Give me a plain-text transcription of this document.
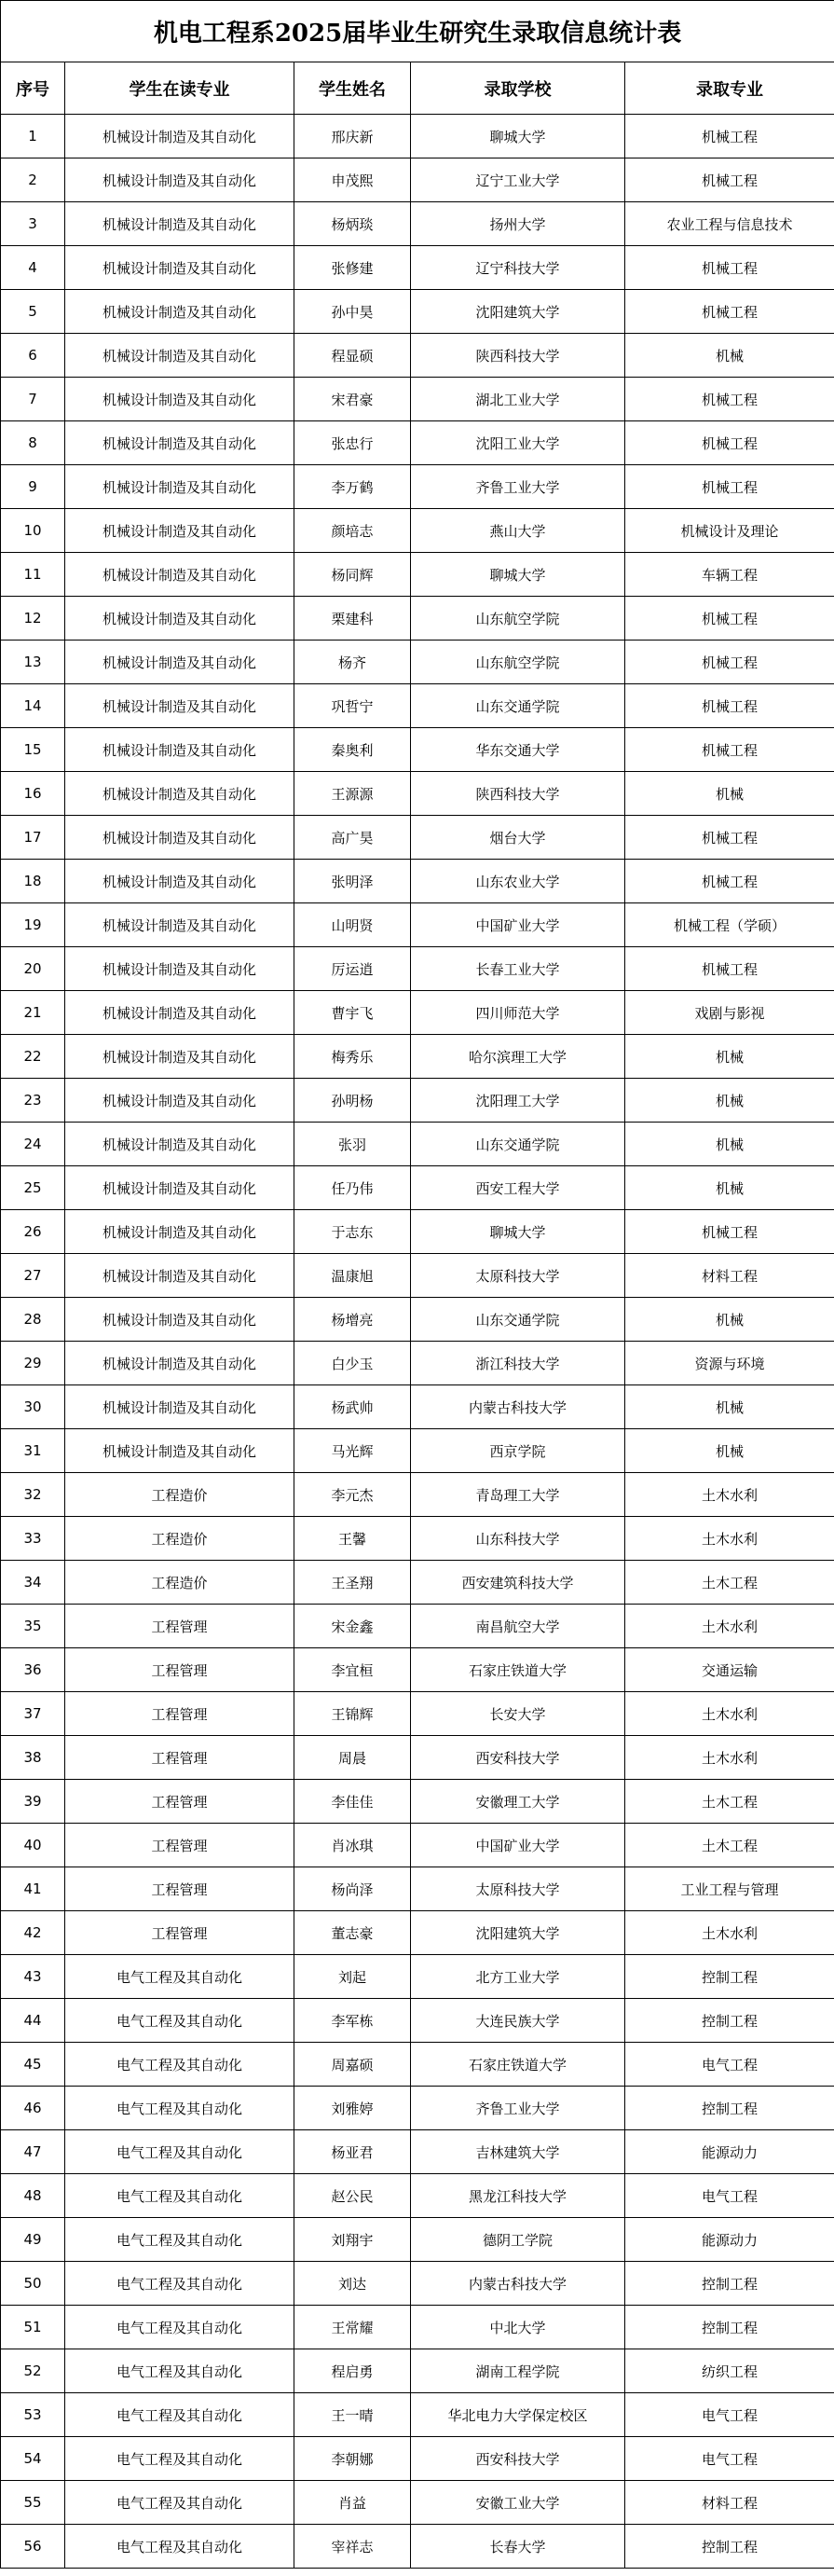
机电工程系2025届毕业生研究生录取信息统计表				
序号	学生在读专业	学生姓名	录取学校	录取专业
1	机械设计制造及其自动化	邢庆新	聊城大学	机械工程
2	机械设计制造及其自动化	申茂熙	辽宁工业大学	机械工程
3	机械设计制造及其自动化	杨炳琰	扬州大学	农业工程与信息技术
4	机械设计制造及其自动化	张修建	辽宁科技大学	机械工程
5	机械设计制造及其自动化	孙中昊	沈阳建筑大学	机械工程
6	机械设计制造及其自动化	程显硕	陕西科技大学	机械
7	机械设计制造及其自动化	宋君豪	湖北工业大学	机械工程
8	机械设计制造及其自动化	张忠行	沈阳工业大学	机械工程
9	机械设计制造及其自动化	李万鹤	齐鲁工业大学	机械工程
10	机械设计制造及其自动化	颜培志	燕山大学	机械设计及理论
11	机械设计制造及其自动化	杨同辉	聊城大学	车辆工程
12	机械设计制造及其自动化	栗建科	山东航空学院	机械工程
13	机械设计制造及其自动化	杨齐	山东航空学院	机械工程
14	机械设计制造及其自动化	巩哲宁	山东交通学院	机械工程
15	机械设计制造及其自动化	秦奥利	华东交通大学	机械工程
16	机械设计制造及其自动化	王源源	陕西科技大学	机械
17	机械设计制造及其自动化	高广昊	烟台大学	机械工程
18	机械设计制造及其自动化	张明泽	山东农业大学	机械工程
19	机械设计制造及其自动化	山明贤	中国矿业大学	机械工程（学硕）
20	机械设计制造及其自动化	厉运逍	长春工业大学	机械工程
21	机械设计制造及其自动化	曹宇飞	四川师范大学	戏剧与影视
22	机械设计制造及其自动化	梅秀乐	哈尔滨理工大学	机械
23	机械设计制造及其自动化	孙明杨	沈阳理工大学	机械
24	机械设计制造及其自动化	张羽	山东交通学院	机械
25	机械设计制造及其自动化	任乃伟	西安工程大学	机械
26	机械设计制造及其自动化	于志东	聊城大学	机械工程
27	机械设计制造及其自动化	温康旭	太原科技大学	材料工程
28	机械设计制造及其自动化	杨增亮	山东交通学院	机械
29	机械设计制造及其自动化	白少玉	浙江科技大学	资源与环境
30	机械设计制造及其自动化	杨武帅	内蒙古科技大学	机械
31	机械设计制造及其自动化	马光辉	西京学院	机械
32	工程造价	李元杰	青岛理工大学	土木水利
33	工程造价	王馨	山东科技大学	土木水利
34	工程造价	王圣翔	西安建筑科技大学	土木工程
35	工程管理	宋金鑫	南昌航空大学	土木水利
36	工程管理	李宜桓	石家庄铁道大学	交通运输
37	工程管理	王锦辉	长安大学	土木水利
38	工程管理	周晨	西安科技大学	土木水利
39	工程管理	李佳佳	安徽理工大学	土木工程
40	工程管理	肖冰琪	中国矿业大学	土木工程
41	工程管理	杨尚泽	太原科技大学	工业工程与管理
42	工程管理	董志豪	沈阳建筑大学	土木水利
43	电气工程及其自动化	刘起	北方工业大学	控制工程
44	电气工程及其自动化	李军栋	大连民族大学	控制工程
45	电气工程及其自动化	周嘉硕	石家庄铁道大学	电气工程
46	电气工程及其自动化	刘雅婷	齐鲁工业大学	控制工程
47	电气工程及其自动化	杨亚君	吉林建筑大学	能源动力
48	电气工程及其自动化	赵公民	黑龙江科技大学	电气工程
49	电气工程及其自动化	刘翔宇	德阴工学院	能源动力
50	电气工程及其自动化	刘达	内蒙古科技大学	控制工程
51	电气工程及其自动化	王常耀	中北大学	控制工程
52	电气工程及其自动化	程启勇	湖南工程学院	纺织工程
53	电气工程及其自动化	王一晴	华北电力大学保定校区	电气工程
54	电气工程及其自动化	李朝娜	西安科技大学	电气工程
55	电气工程及其自动化	肖益	安徽工业大学	材料工程
56	电气工程及其自动化	宰祥志	长春大学	控制工程
